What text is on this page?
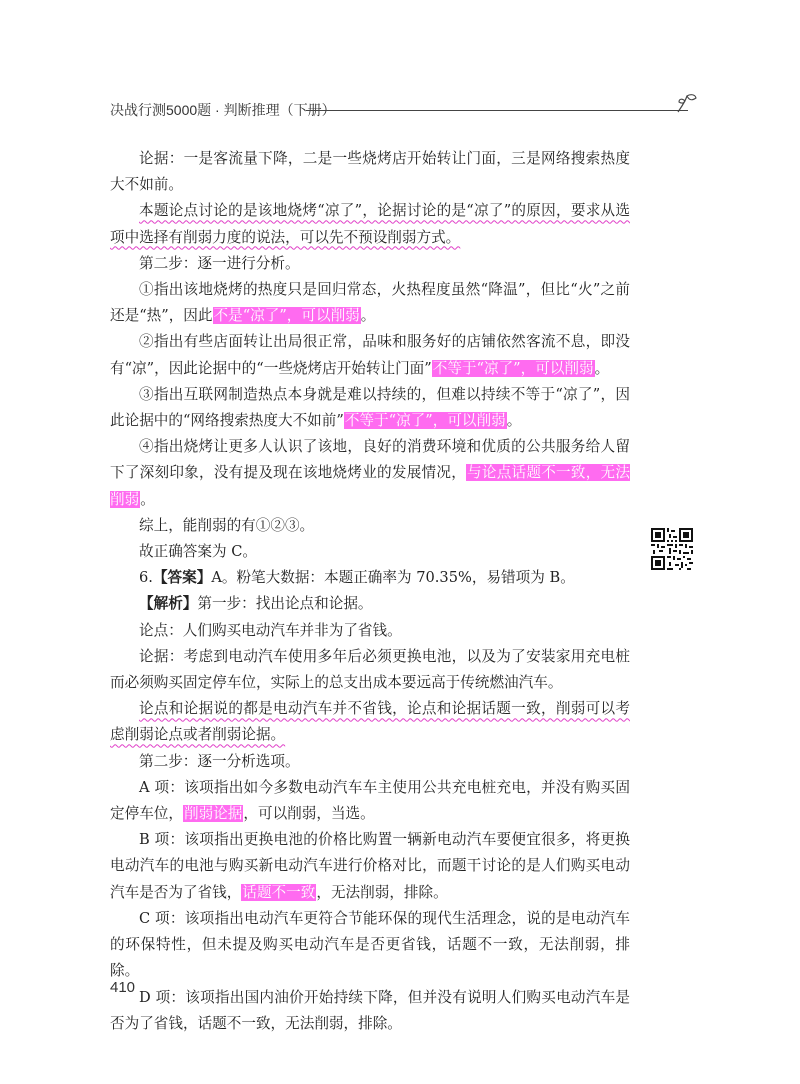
决战行测5000题 · 判断推理（下册）

论据：一是客流量下降，二是一些烧烤店开始转让门面，三是网络搜索热度大不如前。

本题论点讨论的是该地烧烤“凉了”，论据讨论的是“凉了”的原因，要求从选项中选择有削弱力度的说法，可以先不预设削弱方式。

第二步：逐一进行分析。

①指出该地烧烤的热度只是回归常态，火热程度虽然“降温”，但比“火”之前还是“热”，因此不是“凉了”，可以削弱。

②指出有些店面转让出局很正常，品味和服务好的店铺依然客流不息，即没有“凉”，因此论据中的“一些烧烤店开始转让门面”不等于“凉了”，可以削弱。

③指出互联网制造热点本身就是难以持续的，但难以持续不等于“凉了”，因此论据中的“网络搜索热度大不如前”不等于“凉了”，可以削弱。

④指出烧烤让更多人认识了该地，良好的消费环境和优质的公共服务给人留下了深刻印象，没有提及现在该地烧烤业的发展情况，与论点话题不一致，无法削弱。

综上，能削弱的有①②③。

故正确答案为 C。

6.【答案】A。粉笔大数据：本题正确率为 70.35%，易错项为 B。

【解析】第一步：找出论点和论据。

论点：人们购买电动汽车并非为了省钱。

论据：考虑到电动汽车使用多年后必须更换电池，以及为了安装家用充电桩而必须购买固定停车位，实际上的总支出成本要远高于传统燃油汽车。

论点和论据说的都是电动汽车并不省钱，论点和论据话题一致，削弱可以考虑削弱论点或者削弱论据。

第二步：逐一分析选项。

A 项：该项指出如今多数电动汽车车主使用公共充电桩充电，并没有购买固定停车位，削弱论据，可以削弱，当选。

B 项：该项指出更换电池的价格比购置一辆新电动汽车要便宜很多，将更换电动汽车的电池与购买新电动汽车进行价格对比，而题干讨论的是人们购买电动汽车是否为了省钱，话题不一致，无法削弱，排除。

C 项：该项指出电动汽车更符合节能环保的现代生活理念，说的是电动汽车的环保特性，但未提及购买电动汽车是否更省钱，话题不一致，无法削弱，排除。

D 项：该项指出国内油价开始持续下降，但并没有说明人们购买电动汽车是否为了省钱，话题不一致，无法削弱，排除。

410
